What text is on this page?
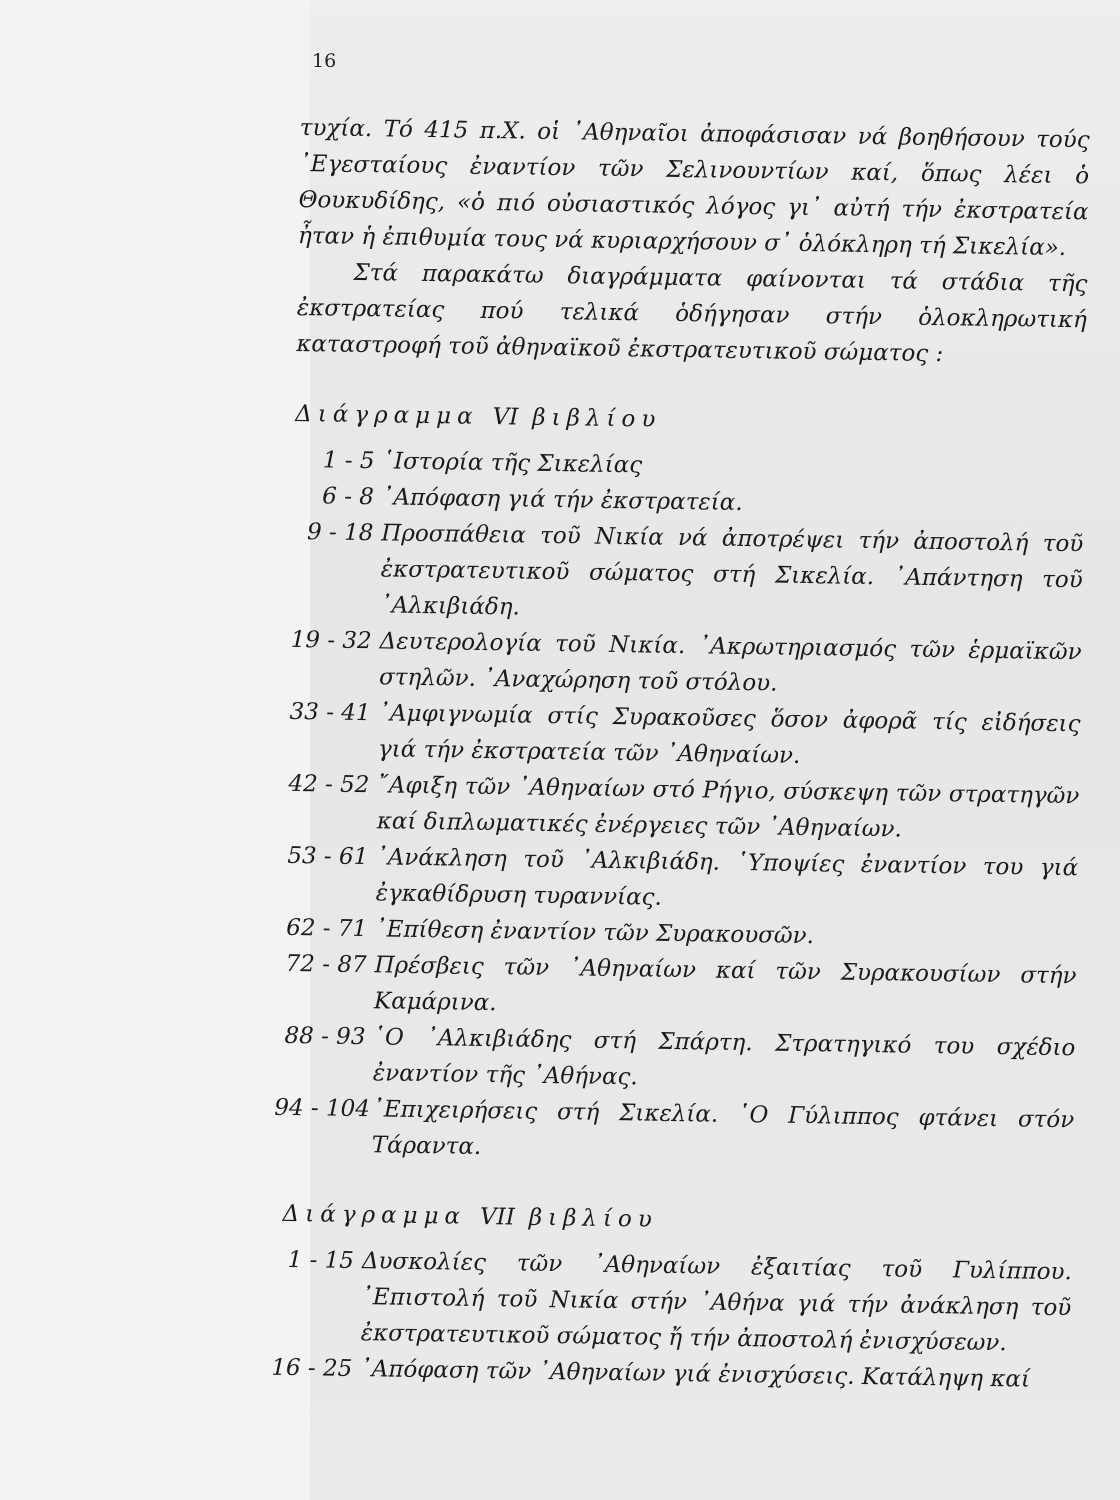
16

τυχία. Τό 415 π.Χ. οἱ ᾽Αθηναῖοι ἀποφάσισαν νά βοηθήσουν τούς ᾽Εγεσταίους ἐναντίον τῶν Σελινουντίων καί, ὅπως λέει ὁ Θουκυδίδης, «ὁ πιό οὐσιαστικός λόγος γι᾽ αὐτή τήν ἐκστρατεία ἦταν ἡ ἐπιθυμία τους νά κυριαρχήσουν σ᾽ ὁλόκληρη τή Σικελία».

Στά παρακάτω διαγράμματα φαίνονται τά στάδια τῆς ἐκστρατείας πού τελικά ὁδήγησαν στήν ὁλοκληρωτική καταστροφή τοῦ ἀθηναϊκοῦ ἐκστρατευτικοῦ σώματος :

Διάγραμμα VI βιβλίου
1 - 5 ῾Ιστορία τῆς Σικελίας
6 - 8 ᾽Απόφαση γιά τήν ἐκστρατεία.
9 - 18 Προσπάθεια τοῦ Νικία νά ἀποτρέψει τήν ἀποστολή τοῦ ἐκστρατευτικοῦ σώματος στή Σικελία. ᾽Απάντηση τοῦ ᾽Αλκιβιάδη.
19 - 32 Δευτερολογία τοῦ Νικία. ᾽Ακρωτηριασμός τῶν ἑρμαϊκῶν στηλῶν. ᾽Αναχώρηση τοῦ στόλου.
33 - 41 ᾽Αμφιγνωμία στίς Συρακοῦσες ὅσον ἀφορᾶ τίς εἰδήσεις γιά τήν ἐκστρατεία τῶν ᾽Αθηναίων.
42 - 52 ῎Αφιξη τῶν ᾽Αθηναίων στό Ρήγιο, σύσκεψη τῶν στρατηγῶν καί διπλωματικές ἐνέργειες τῶν ᾽Αθηναίων.
53 - 61 ᾽Ανάκληση τοῦ ᾽Αλκιβιάδη. ῾Υποψίες ἐναντίον του γιά ἐγκαθίδρυση τυραννίας.
62 - 71 ᾽Επίθεση ἐναντίον τῶν Συρακουσῶν.
72 - 87 Πρέσβεις τῶν ᾽Αθηναίων καί τῶν Συρακουσίων στήν Καμάρινα.
88 - 93 ῾Ο ᾽Αλκιβιάδης στή Σπάρτη. Στρατηγικό του σχέδιο ἐναντίον τῆς ᾽Αθήνας.
94 - 104 ᾽Επιχειρήσεις στή Σικελία. ῾Ο Γύλιππος φτάνει στόν Τάραντα.
Διάγραμμα VII βιβλίου
1 - 15 Δυσκολίες τῶν ᾽Αθηναίων ἐξαιτίας τοῦ Γυλίππου. ᾽Επιστολή τοῦ Νικία στήν ᾽Αθήνα γιά τήν ἀνάκληση τοῦ ἐκστρατευτικοῦ σώματος ἤ τήν ἀποστολή ἐνισχύσεων.
16 - 25 ᾽Απόφαση τῶν ᾽Αθηναίων γιά ἐνισχύσεις. Κατάληψη καί
